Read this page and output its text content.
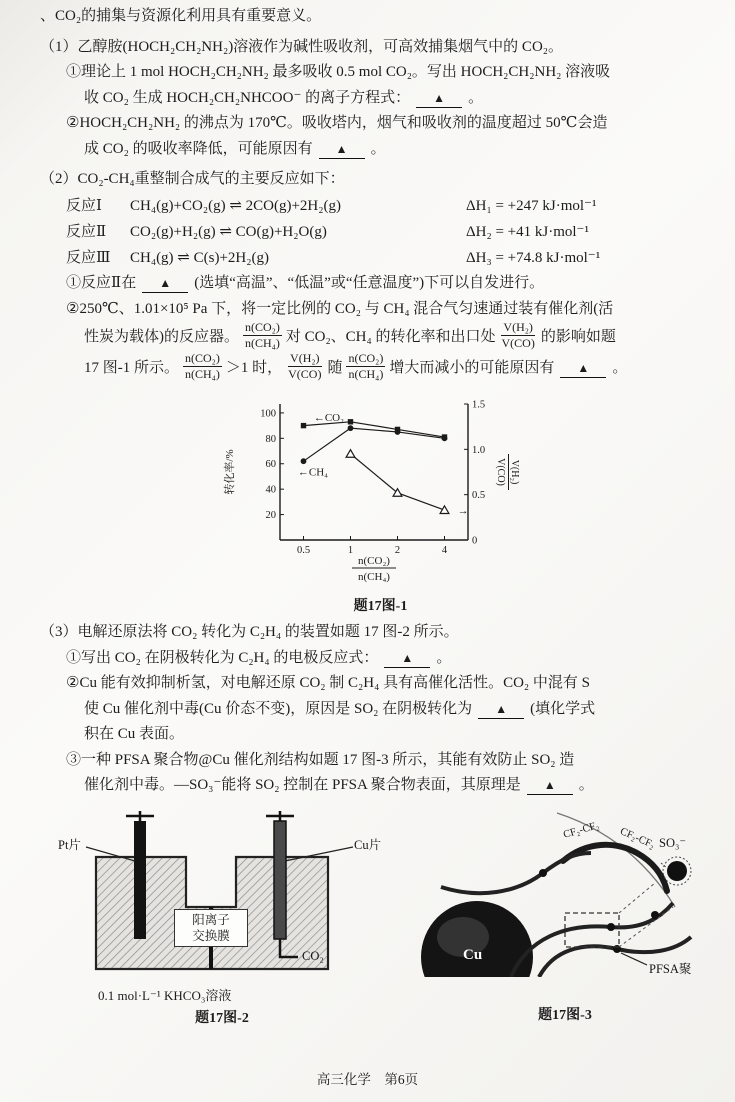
、CO₂的捕集与资源化利用具有重要意义。

（1）乙醇胺(HOCH₂CH₂NH₂)溶液作为碱性吸收剂，可高效捕集烟气中的 CO₂。

①理论上 1 mol HOCH₂CH₂NH₂ 最多吸收 0.5 mol CO₂。写出 HOCH₂CH₂NH₂ 溶液吸

收 CO₂ 生成 HOCH₂CH₂NHCOO⁻ 的离子方程式： ▲ 。

②HOCH₂CH₂NH₂ 的沸点为 170℃。吸收塔内，烟气和吸收剂的温度超过 50℃会造

成 CO₂ 的吸收率降低，可能原因有 ▲ 。

（2）CO₂-CH₄重整制合成气的主要反应如下：

反应Ⅰ	CH₄(g)+CO₂(g) ⇌ 2CO(g)+2H₂(g)	ΔH₁ = +247 kJ·mol⁻¹
反应Ⅱ	CO₂(g)+H₂(g) ⇌ CO(g)+H₂O(g)	ΔH₂ = +41 kJ·mol⁻¹
反应Ⅲ	CH₄(g) ⇌ C(s)+2H₂(g)	ΔH₃ = +74.8 kJ·mol⁻¹

①反应Ⅱ在 ▲ (选填“高温”、“低温”或“任意温度”)下可以自发进行。

②250℃、1.01×10⁵ Pa 下，将一定比例的 CO₂ 与 CH₄ 混合气匀速通过装有催化剂(活

性炭为载体)的反应器。 $\frac{\text{n(CO₂)}}{\text{n(CH₄)}}$ 对 CO₂、CH₄ 的转化率和出口处 $\frac{\text{V(H₂)}}{V(CO)}$ 的影响如题

17 图-1 所示。 $\frac{\text{n(CO₂)}}{\text{n(CH₄)}} >1$ 时， $\frac{\text{V(H₂)}}{V(CO)}$ 随 $\frac{\text{n(CO₂)}}{\text{n(CH₄)}}$ 增大而减小的可能原因有 ▲ 。

20
40
60
80
100
0
0.5
1.0
1.5
0.5	1	2	4
←CO₂
←CH₄
→
转化率/%	V(H₂)
V(CO)
n(CO₂)
n(CH₄)
题17图-1

（3）电解还原法将 CO₂ 转化为 C₂H₄ 的装置如题 17 图-2 所示。

①写出 CO₂ 在阴极转化为 C₂H₄ 的电极反应式： ▲ 。

②Cu 能有效抑制析氢，对电解还原 CO₂ 制 C₂H₄ 具有高催化活性。CO₂ 中混有 S

使 Cu 催化剂中毒(Cu 价态不变)，原因是 SO₂ 在阴极转化为 ▲ (填化学式

积在 Cu 表面。

③一种 PFSA 聚合物@Cu 催化剂结构如题 17 图-3 所示，其能有效防止 SO₂ 造

催化剂中毒。—SO₃⁻能将 SO₂ 控制在 PFSA 聚合物表面，其原理是 ▲ 。

Pt片	Cu片
阳离子
交换膜
CO₂
0.1 mol·L⁻¹ KHCO₃溶液
题17图-2
Cu
SO₃⁻
CF₂-CF₂ CF₂-CF₂
PFSA聚
题17图-3
高三化学　第6页
